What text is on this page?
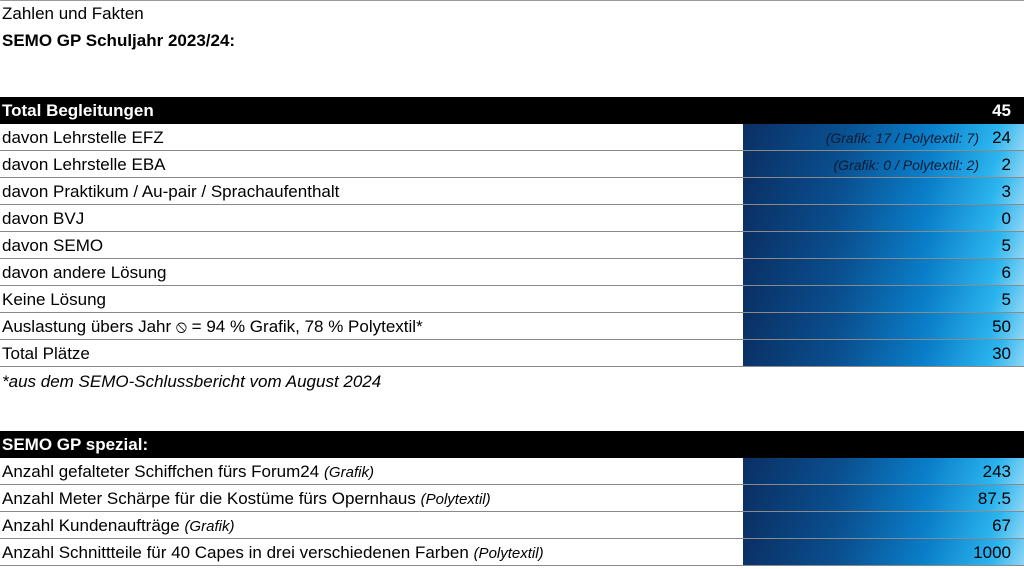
Zahlen und Fakten
SEMO GP Schuljahr 2023/24:
Total Begleitungen	45
davon Lehrstelle EFZ	(Grafik: 17 / Polytextil: 7) 24
davon Lehrstelle EBA	(Grafik: 0 / Polytextil: 2) 2
davon Praktikum / Au-pair / Sprachaufenthalt	3
davon BVJ	0
davon SEMO	5
davon andere Lösung	6
Keine Lösung	5
Auslastung übers Jahr ⦸ = 94 % Grafik, 78 % Polytextil*	50
Total Plätze	30
*aus dem SEMO-Schlussbericht vom August 2024
SEMO GP spezial:
Anzahl gefalteter Schiffchen fürs Forum24 (Grafik)	243
Anzahl Meter Schärpe für die Kostüme fürs Opernhaus (Polytextil)	87.5
Anzahl Kundenaufträge (Grafik)	67
Anzahl Schnittteile für 40 Capes in drei verschiedenen Farben (Polytextil)	1000
